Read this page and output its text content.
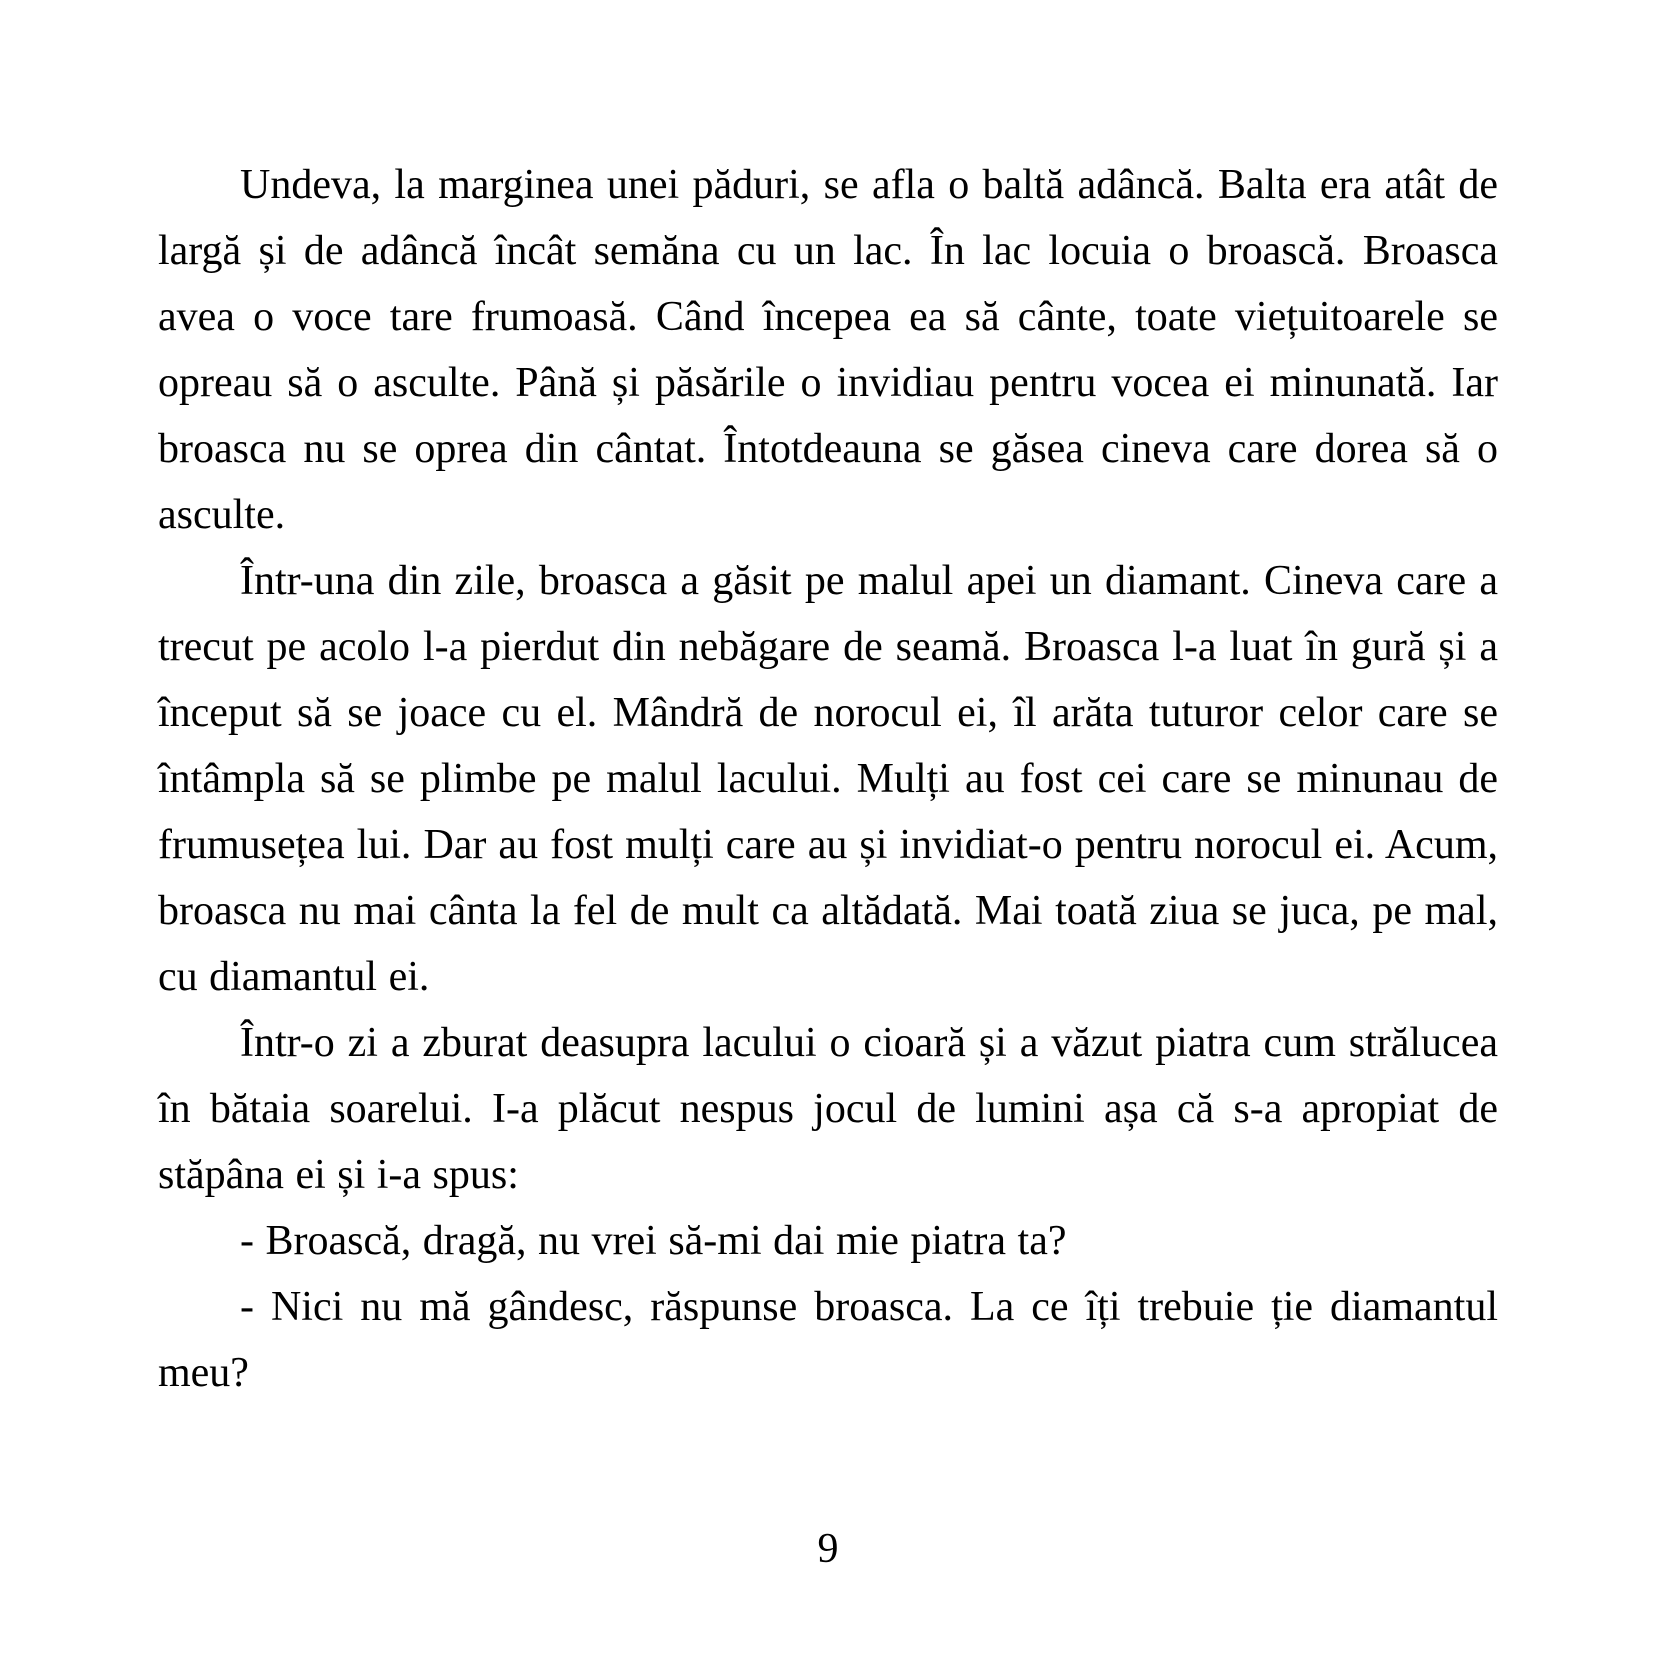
Undeva, la marginea unei păduri, se afla o baltă adâncă. Balta era atât de largă și de adâncă încât semăna cu un lac. În lac locuia o broască. Broasca avea o voce tare frumoasă. Când începea ea să cânte, toate viețuitoarele se opreau să o asculte. Până și păsările o invidiau pentru vocea ei minunată. Iar broasca nu se oprea din cântat. Întotdeauna se găsea cineva care dorea să o asculte.

Într-una din zile, broasca a găsit pe malul apei un diamant. Cineva care a trecut pe acolo l-a pierdut din nebăgare de seamă. Broasca l-a luat în gură și a început să se joace cu el. Mândră de norocul ei, îl arăta tuturor celor care se întâmpla să se plimbe pe malul lacului. Mulți au fost cei care se minunau de frumusețea lui. Dar au fost mulți care au și invidiat-o pentru norocul ei. Acum, broasca nu mai cânta la fel de mult ca altădată. Mai toată ziua se juca, pe mal, cu diamantul ei.

Într-o zi a zburat deasupra lacului o cioară și a văzut piatra cum strălucea în bătaia soarelui. I-a plăcut nespus jocul de lumini așa că s-a apropiat de stăpâna ei și i-a spus:

- Broască, dragă, nu vrei să-mi dai mie piatra ta?

- Nici nu mă gândesc, răspunse broasca. La ce îți trebuie ție diamantul meu?

9
